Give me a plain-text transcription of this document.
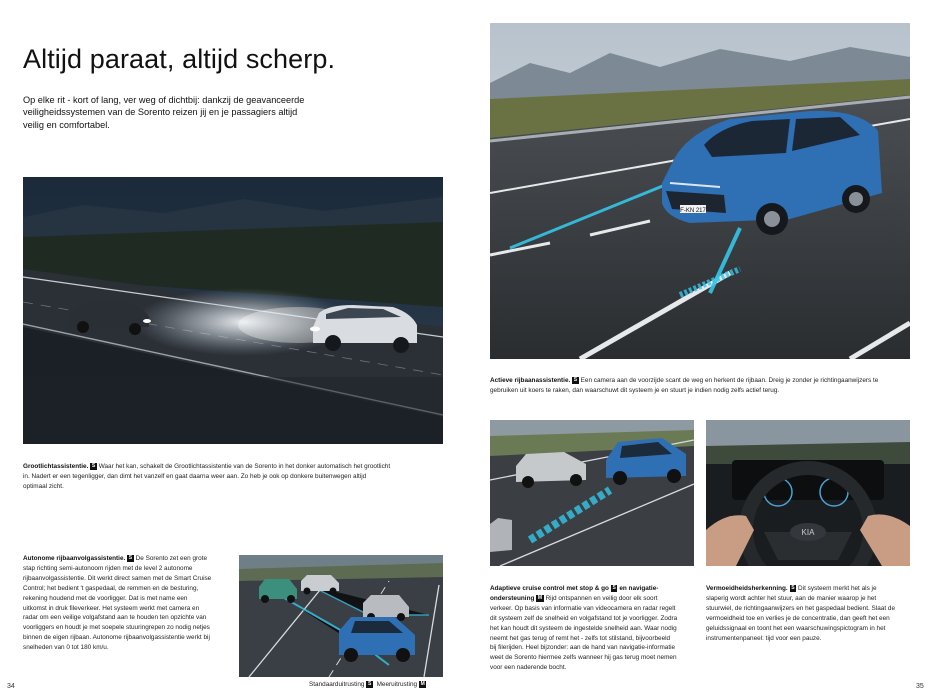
Altijd paraat, altijd scherp.
Op elke rit - kort of lang, ver weg of dichtbij: dankzij de geavanceerde
veiligheidssystemen van de Sorento reizen jij en je passagiers altijd
veilig en comfortabel.
Grootlichtassistentie. S Waar het kan, schakelt de Grootlichtassistentie van de Sorento in het donker automatisch het grootlicht
in. Nadert er een tegenligger, dan dimt het vanzelf en gaat daarna weer aan. Zo heb je ook op donkere buitenwegen altijd
optimaal zicht.
Autonome rijbaanvolgassistentie. S De Sorento zet een grote
stap richting semi-autonoom rijden met de level 2 autonome
rijbaanvolgassistentie. Dit werkt direct samen met de Smart Cruise
Control; het bedient 't gaspedaal, de remmen en de besturing,
rekening houdend met de voorligger. Dat is met name een
uitkomst in druk fileverkeer. Het systeem werkt met camera en
radar om een veilige volgafstand aan te houden ten opzichte van
voorliggers en houdt je met soepele stuuringrepen zo nodig netjes
binnen de eigen rijbaan. Autonome rijbaanvolgassistentie werkt bij
snelheden van 0 tot 180 km/u.
34	Standaarduitrusting S Meeruitrusting M
F-KN 217
Actieve rijbaanassistentie. S Een camera aan de voorzijde scant de weg en herkent de rijbaan. Dreig je zonder je richtingaanwijzers te
gebruiken uit koers te raken, dan waarschuwt dit systeem je en stuurt je indien nodig zelfs actief terug.
KIA
Adaptieve cruise control met stop & go S en navigatie-
ondersteuning M Rijd ontspannen en veilig door elk soort
verkeer. Op basis van informatie van videocamera en radar regelt
dit systeem zelf de snelheid en volgafstand tot je voorligger. Zodra
het kan houdt dit systeem de ingestelde snelheid aan. Waar nodig
neemt het gas terug of remt het - zelfs tot stilstand, bijvoorbeeld
bij filerijden. Heel bijzonder: aan de hand van navigatie-informatie
weet de Sorento hiermee zelfs wanneer hij gas terug moet nemen
voor een naderende bocht.
Vermoeidheidsherkenning. S Dit systeem merkt het als je
slaperig wordt achter het stuur, aan de manier waarop je het
stuurwiel, de richtingaanwijzers en het gaspedaal bedient. Slaat de
vermoeidheid toe en verlies je de concentratie, dan geeft het een
geluidssignaal en toont het een waarschuwingspictogram in het
instrumentenpaneel: tijd voor een pauze.
35
